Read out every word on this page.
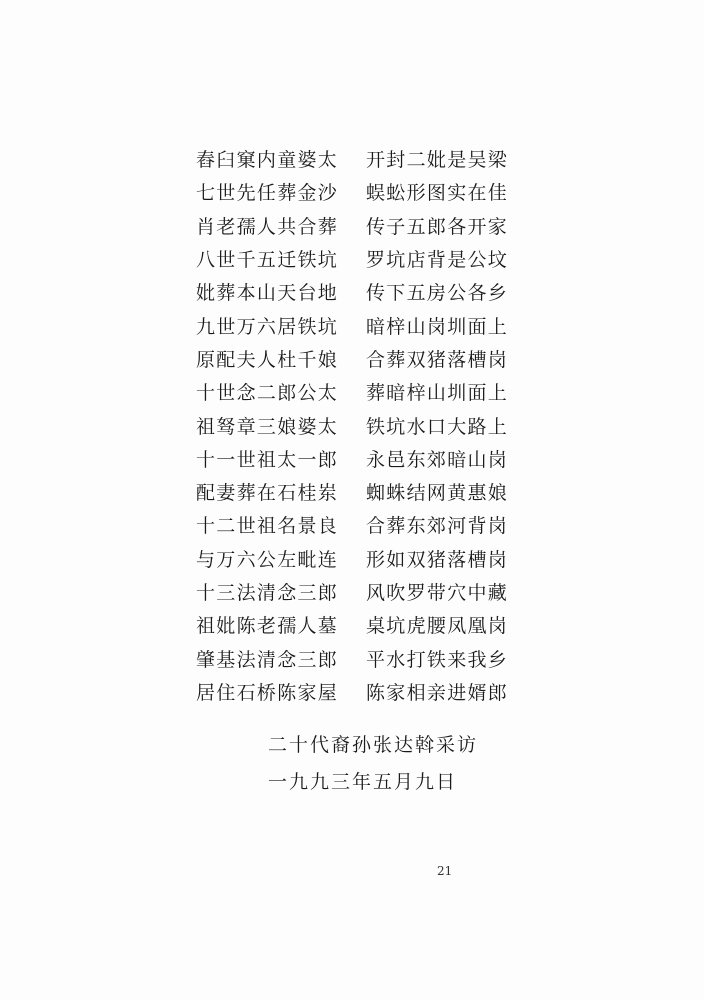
舂臼窠内童婆太	开封二妣是吴梁
七世先任葬金沙	蜈蚣形图实在佳
肖老孺人共合葬	传子五郎各开家
八世千五迁铁坑	罗坑店背是公坟
妣葬本山天台地	传下五房公各乡
九世万六居铁坑	暗梓山岗圳面上
原配夫人杜千娘	合葬双猪落槽岗
十世念二郎公太	葬暗梓山圳面上
祖驽章三娘婆太	铁坑水口大路上
十一世祖太一郎	永邑东郊暗山岗
配妻葬在石桂岽	蜘蛛结网黄惠娘
十二世祖名景良	合葬东郊河背岗
与万六公左毗连	形如双猪落槽岗
十三法清念三郎	风吹罗带穴中藏
祖妣陈老孺人墓	桌坑虎腰凤凰岗
肇基法清念三郎	平水打铁来我乡
居住石桥陈家屋	陈家相亲进婿郎
二十代裔孙张达斡采访
一九九三年五月九日
21
